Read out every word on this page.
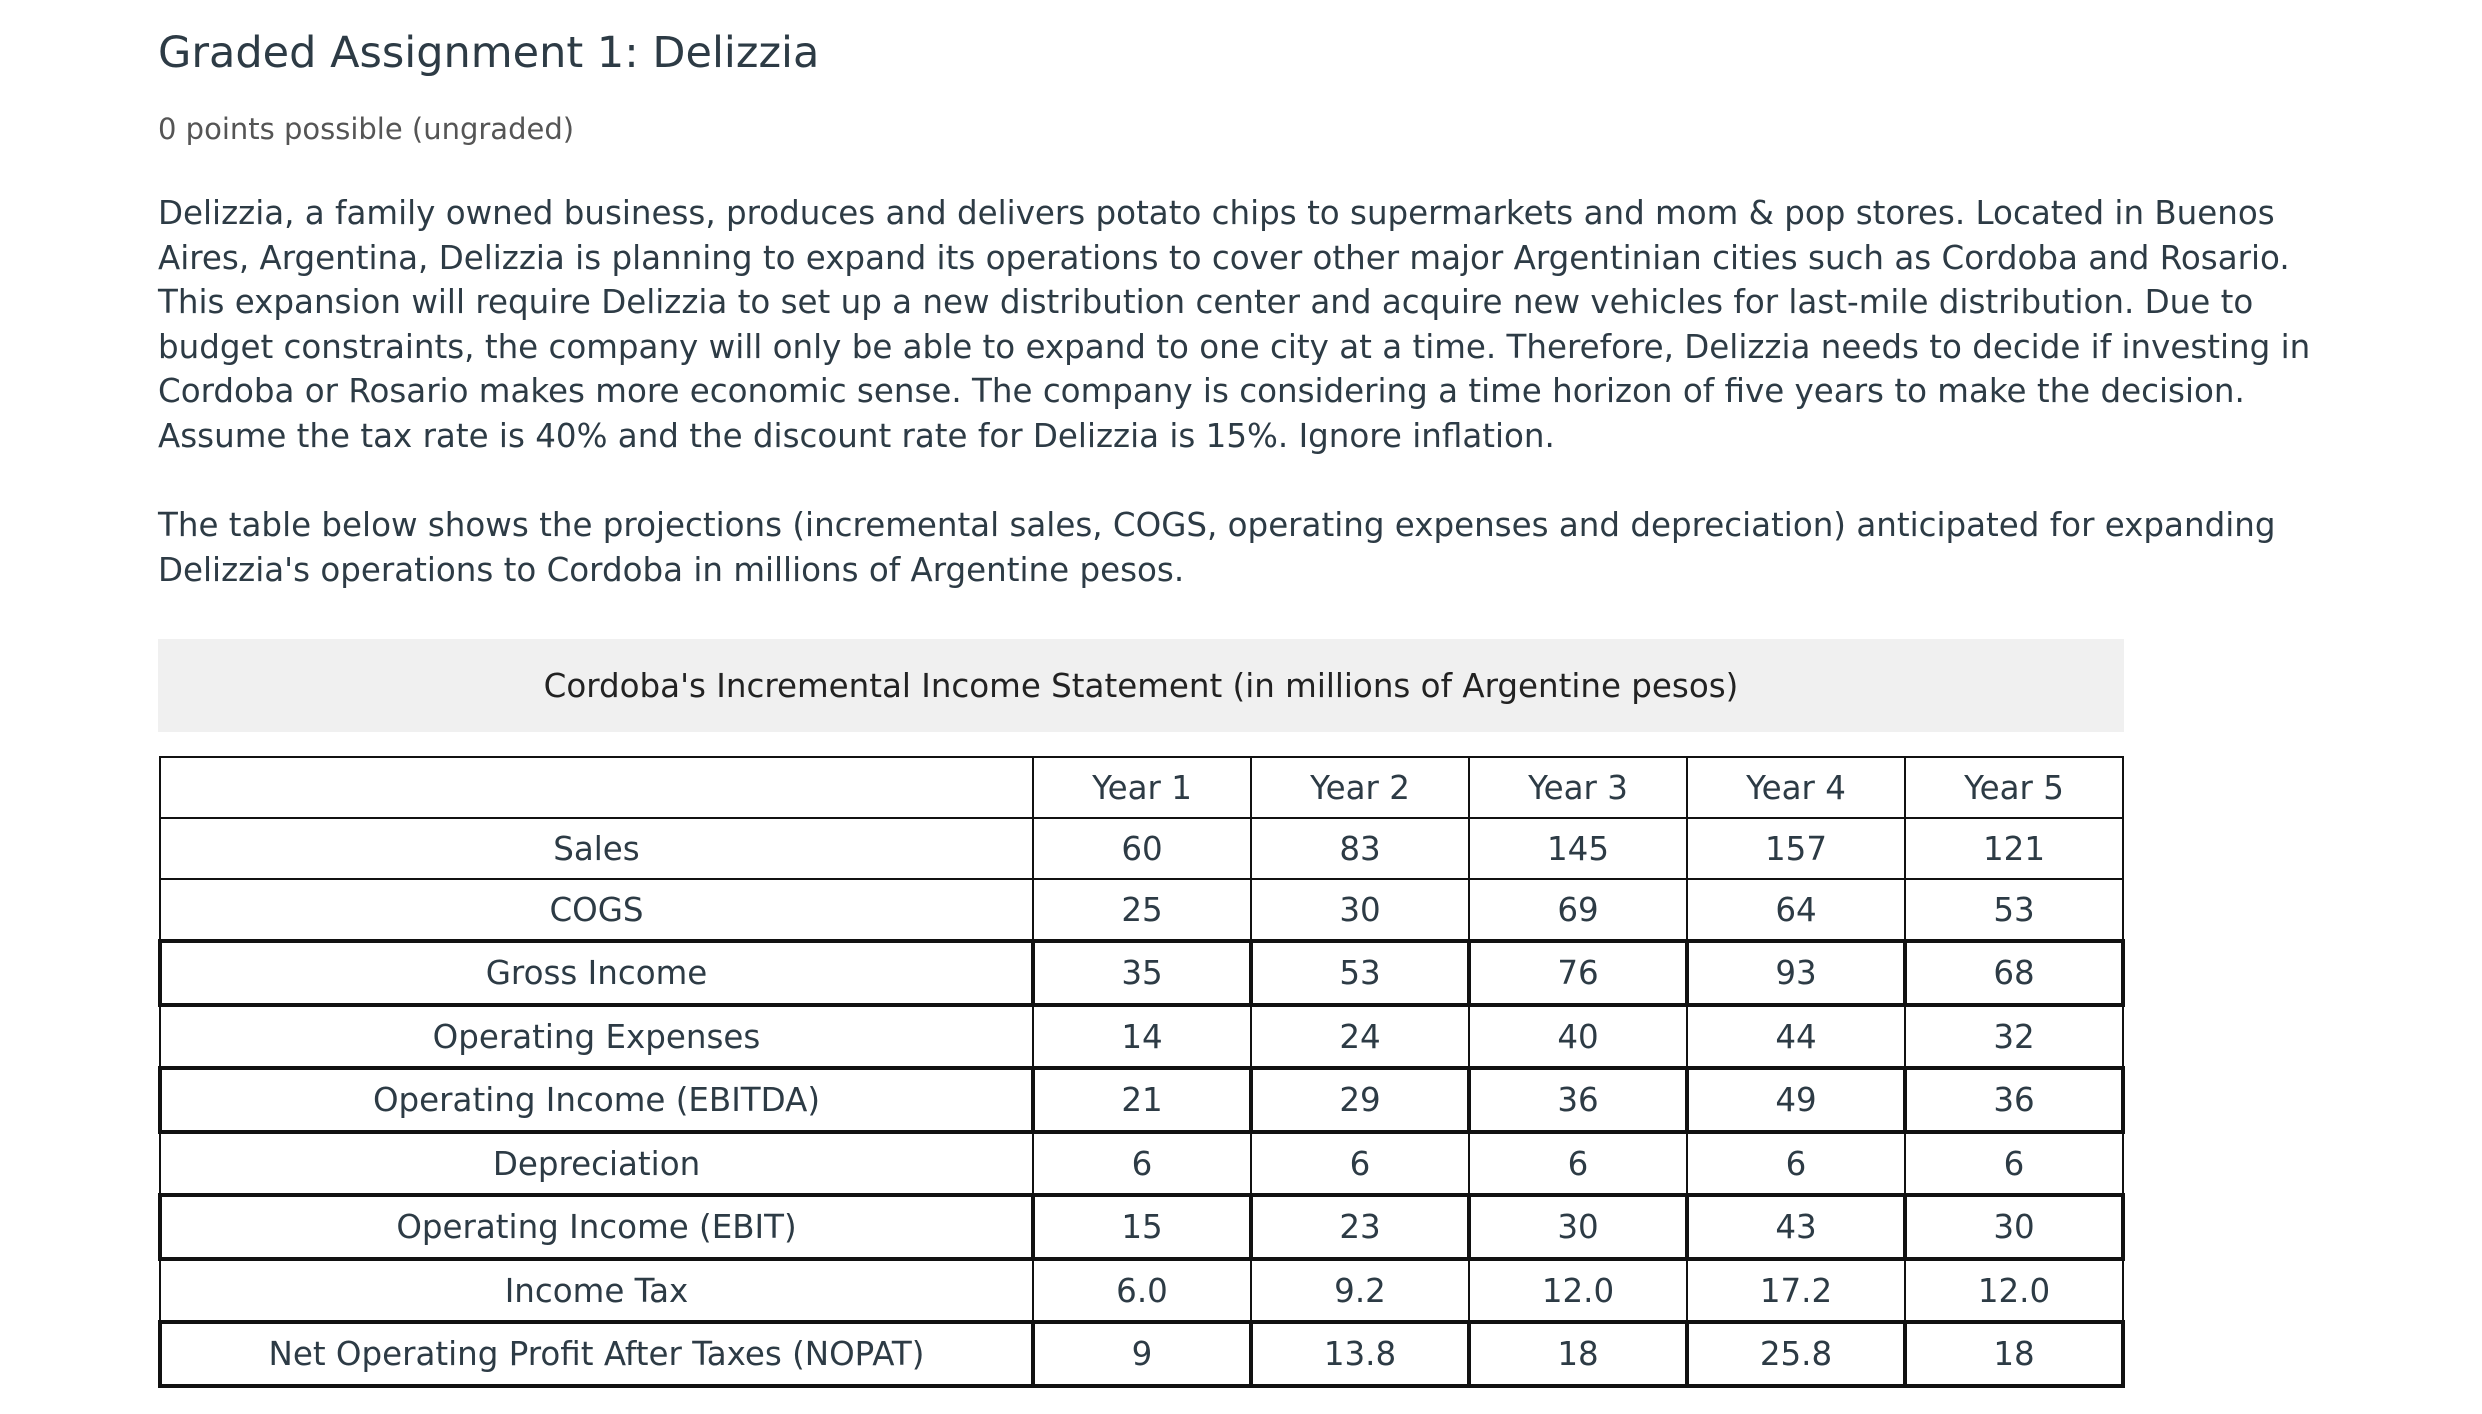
Graded Assignment 1: Delizzia
0 points possible (ungraded)

Delizzia, a family owned business, produces and delivers potato chips to supermarkets and mom & pop stores. Located in Buenos Aires, Argentina, Delizzia is planning to expand its operations to cover other major Argentinian cities such as Cordoba and Rosario. This expansion will require Delizzia to set up a new distribution center and acquire new vehicles for last-mile distribution. Due to budget constraints, the company will only be able to expand to one city at a time. Therefore, Delizzia needs to decide if investing in Cordoba or Rosario makes more economic sense. The company is considering a time horizon of five years to make the decision. Assume the tax rate is 40% and the discount rate for Delizzia is 15%. Ignore inflation.

The table below shows the projections (incremental sales, COGS, operating expenses and depreciation) anticipated for expanding Delizzia's operations to Cordoba in millions of Argentine pesos.

Cordoba's Incremental Income Statement (in millions of Argentine pesos)
	Year 1	Year 2	Year 3	Year 4	Year 5
Sales	60	83	145	157	121
COGS	25	30	69	64	53
Gross Income	35	53	76	93	68
Operating Expenses	14	24	40	44	32
Operating Income (EBITDA)	21	29	36	49	36
Depreciation	6	6	6	6	6
Operating Income (EBIT)	15	23	30	43	30
Income Tax	6.0	9.2	12.0	17.2	12.0
Net Operating Profit After Taxes (NOPAT)	9	13.8	18	25.8	18
